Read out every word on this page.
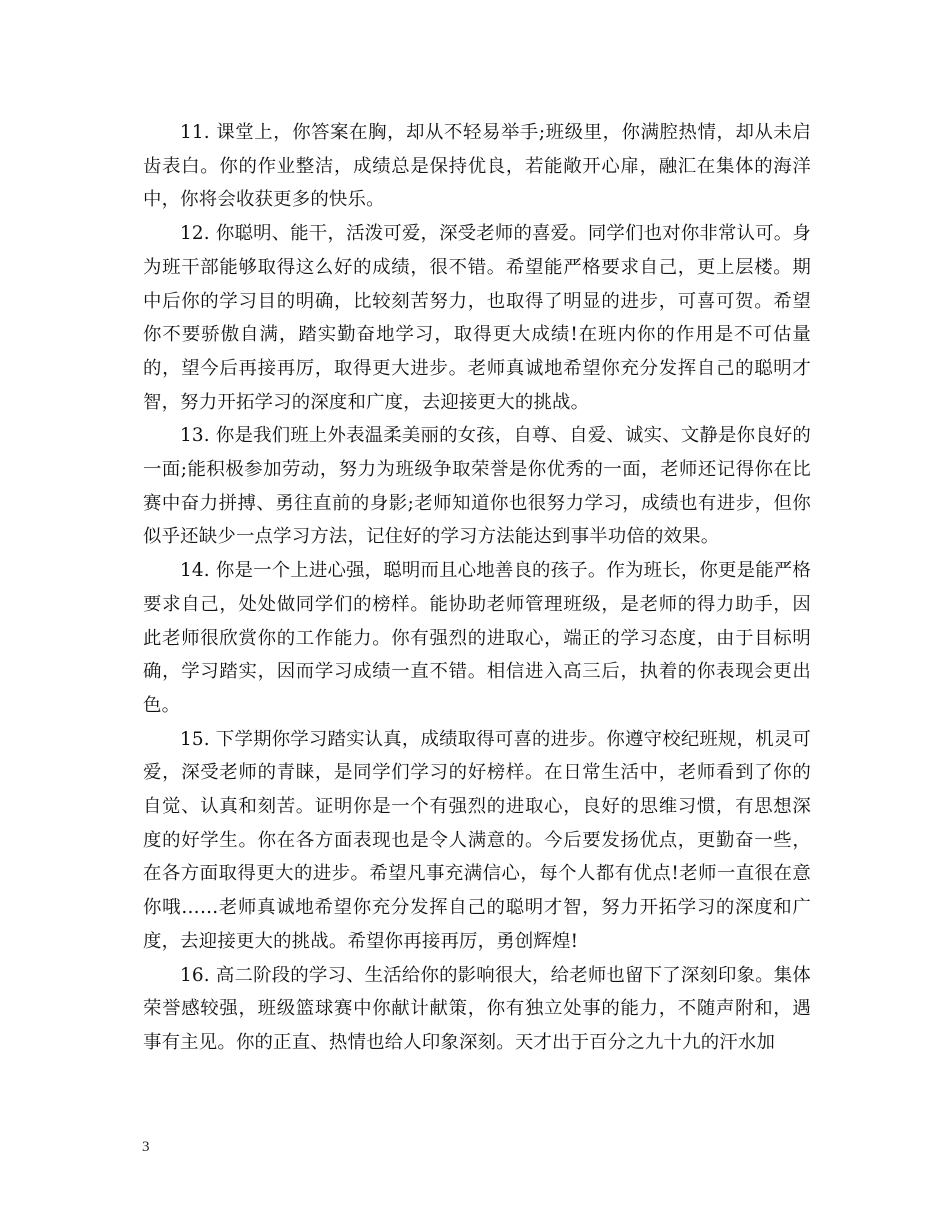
11. 课堂上，你答案在胸，却从不轻易举手;班级里，你满腔热情，却从未启齿表白。你的作业整洁，成绩总是保持优良，若能敞开心扉，融汇在集体的海洋中，你将会收获更多的快乐。

12. 你聪明、能干，活泼可爱，深受老师的喜爱。同学们也对你非常认可。身为班干部能够取得这么好的成绩，很不错。希望能严格要求自己，更上层楼。期中后你的学习目的明确，比较刻苦努力，也取得了明显的进步，可喜可贺。希望你不要骄傲自满，踏实勤奋地学习，取得更大成绩!在班内你的作用是不可估量的，望今后再接再厉，取得更大进步。老师真诚地希望你充分发挥自己的聪明才智，努力开拓学习的深度和广度，去迎接更大的挑战。

13. 你是我们班上外表温柔美丽的女孩，自尊、自爱、诚实、文静是你良好的一面;能积极参加劳动，努力为班级争取荣誉是你优秀的一面，老师还记得你在比赛中奋力拼搏、勇往直前的身影;老师知道你也很努力学习，成绩也有进步，但你似乎还缺少一点学习方法，记住好的学习方法能达到事半功倍的效果。

14. 你是一个上进心强，聪明而且心地善良的孩子。作为班长，你更是能严格要求自己，处处做同学们的榜样。能协助老师管理班级，是老师的得力助手，因此老师很欣赏你的工作能力。你有强烈的进取心，端正的学习态度，由于目标明确，学习踏实，因而学习成绩一直不错。相信进入高三后，执着的你表现会更出色。

15. 下学期你学习踏实认真，成绩取得可喜的进步。你遵守校纪班规，机灵可爱，深受老师的青睐，是同学们学习的好榜样。在日常生活中，老师看到了你的自觉、认真和刻苦。证明你是一个有强烈的进取心，良好的思维习惯，有思想深度的好学生。你在各方面表现也是令人满意的。今后要发扬优点，更勤奋一些，在各方面取得更大的进步。希望凡事充满信心，每个人都有优点!老师一直很在意你哦……老师真诚地希望你充分发挥自己的聪明才智，努力开拓学习的深度和广度，去迎接更大的挑战。希望你再接再厉，勇创辉煌!

16. 高二阶段的学习、生活给你的影响很大，给老师也留下了深刻印象。集体荣誉感较强，班级篮球赛中你献计献策，你有独立处事的能力，不随声附和，遇事有主见。你的正直、热情也给人印象深刻。天才出于百分之九十九的汗水加

3
